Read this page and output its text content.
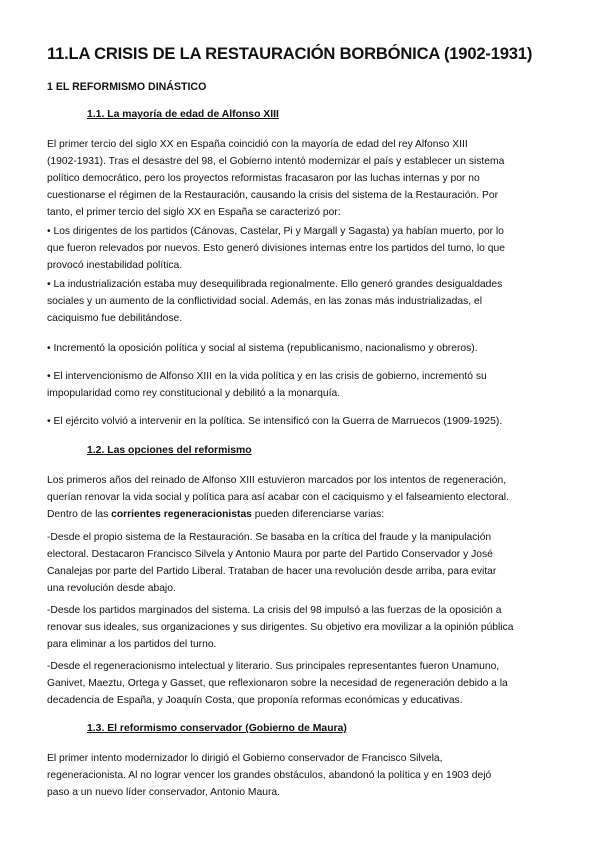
11.LA CRISIS DE LA RESTAURACIÓN BORBÓNICA (1902-1931)
1 EL REFORMISMO DINÁSTICO
1.1. La mayoría de edad de Alfonso XIII
El primer tercio del siglo XX en España coincidió con la mayoría de edad del rey Alfonso XIII
(1902-1931). Tras el desastre del 98, el Gobierno intentó modernizar el país y establecer un sistema
político democrático, pero los proyectos reformistas fracasaron por las luchas internas y por no
cuestionarse el régimen de la Restauración, causando la crisis del sistema de la Restauración. Por
tanto, el primer tercio del siglo XX en España se caracterizó por:
• Los dirigentes de los partidos (Cánovas, Castelar, Pi y Margall y Sagasta) ya habían muerto, por lo
que fueron relevados por nuevos. Esto generó divisiones internas entre los partidos del turno, lo que
provocó inestabilidad política.
• La industrialización estaba muy desequilibrada regionalmente. Ello generó grandes desigualdades
sociales y un aumento de la conflictividad social. Además, en las zonas más industrializadas, el
caciquismo fue debilitándose.
• Incrementó la oposición política y social al sistema (republicanismo, nacionalismo y obreros).
• El intervencionismo de Alfonso XIII en la vida política y en las crisis de gobierno, incrementó su
impopularidad como rey constitucional y debilitó a la monarquía.
• El ejército volvió a intervenir en la política. Se intensificó con la Guerra de Marruecos (1909-1925).
1.2. Las opciones del reformismo
Los primeros años del reinado de Alfonso XIII estuvieron marcados por los intentos de regeneración,
querían renovar la vida social y política para así acabar con el caciquismo y el falseamiento electoral.
Dentro de las corrientes regeneracionistas pueden diferenciarse varias:
-Desde el propio sistema de la Restauración. Se basaba en la crítica del fraude y la manipulación
electoral. Destacaron Francisco Silvela y Antonio Maura por parte del Partido Conservador y José
Canalejas por parte del Partido Liberal. Trataban de hacer una revolución desde arriba, para evitar
una revolución desde abajo.
-Desde los partidos marginados del sistema. La crisis del 98 impulsó a las fuerzas de la oposición a
renovar sus ideales, sus organizaciones y sus dirigentes. Su objetivo era movilizar a la opinión pública
para eliminar a los partidos del turno.
-Desde el regeneracionismo intelectual y literario. Sus principales representantes fueron Unamuno,
Ganivet, Maeztu, Ortega y Gasset, que reflexionaron sobre la necesidad de regeneración debido a la
decadencia de España, y Joaquín Costa, que proponía reformas económicas y educativas.
1.3. El reformismo conservador (Gobierno de Maura)
El primer intento modernizador lo dirigió el Gobierno conservador de Francisco Silvela,
regeneracionista. Al no lograr vencer los grandes obstáculos, abandonó la política y en 1903 dejó
paso a un nuevo líder conservador, Antonio Maura.
